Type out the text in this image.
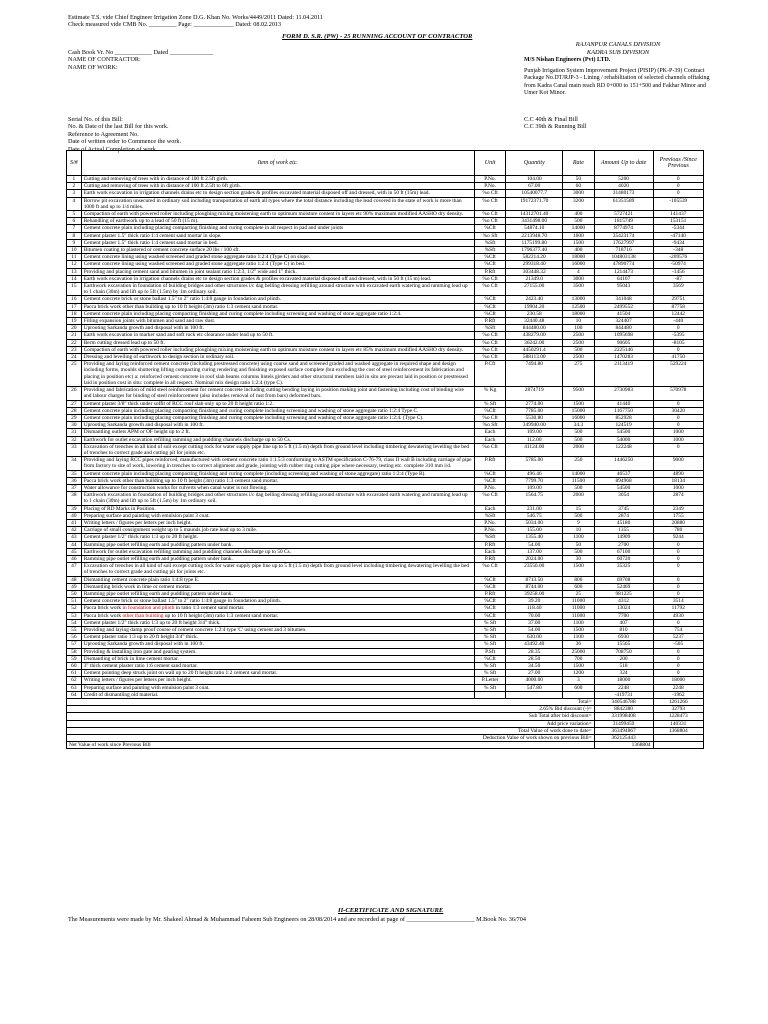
Estimate T.S. vide Chief Engineer Irrigation Zone D.G. Khan No. Works/4449/2011 Dated: 11.04.2011
Check measured vide CMB No. _________ Page: _____________ Dated: 08.02.2013
FORM D. S.R. (PW) - 25 RUNNING ACCOUNT OF CONTRACTOR
RAJANPUR CANALS DIVISION
KADRA SUB DIVISION
Cash Book Vr. No ____________ Dated ______________
NAME OF CONTRACTOR:
NAME OF WORK:
M/S Nishan Engineers (Pvt) LTD.
Punjab Irrigation System Improvement Project (PISIP) (PK-P-39) Contract Package No.DT/RJP-3 - Lining / rehabilitation of selected channels offtaking from Kadra Canal main reach RD 0+000 to 151+500 and Fakhar Minor and Umer Kot Minor.
Serial No. of this Bill:
No. & Date of the last Bill for this work.
Reference to Agreement No.
Date of written order to Commence the work.
Date of Actual Completion of work.
C.C 40th & Final Bill
C.C 39th & Running Bill
S/#	Item of work etc.	Unit	Quantity	Rate	Amount Up to date	Previous /Since Previous
1	Cutting and removing of trees with in distance of 100 ft 2.5ft girth.	P.No.	104.00	50	5200	0
2	Cutting and removing of trees with in distance of 100 ft 2.5ft to 6ft girth.	P.No.	67.00	60	4020	0
3	Earth work excavation in irrigation channels drains etc to design section grades & profiles excavated material disposed off and dressed, with in 50 ft (15m) lead.	%o Cft	10540077.7	3000	31480173	0
4	Borrow pit excavation unsecured in ordinary soil including transportation of earth all types where the total distance including the lead covered in the state of work is more than 1000 ft and up to 1/4 miles.	%o Cft	19172371.70	3200	61351589	-105539
5	Compaction of earth with powered roller including ploughing mixing moistening earth to optimum moisture content in layers etc 90% maximum modified AASHO dry density.	%o Cft	14312701.40	400	5727421	141437
6	Rehandling of earthwork up to a lead of 50 ft (15 m).	%o Cft	3431498.00	500	1815749	153151
7	Cement concrete plain including placing compacting finishing and curing complete in all respect in pad and under joints	%Cft	54874.10	14000	8774974	-5344
8	Cement plaster 1.5" thick ratio 1:4 cement sand mortar in slope.	%o Sft	2213948.70	1600	35423174	-47140
9	Cement plaster 1.5" thick ratio 1:4 cement sand mortar in bed.	%Sft	1175199.80	1500	17627997	-9434
10	Bitumen coating to plastered or cement concrete surface 20 lbs / 100 sft.	%Sft	1796377.40	400	718716	-348
11	Cement concrete lining using washed screened and graded stone aggregate ratio 1:2:4 (Type C) on slope.	%Cft	582214.20	18000	104803138	-209576
12	Cement concrete lining using washed screened and graded stone aggregate ratio 1:2:4 (Type C) in bed.	%Cft	299318.40	16000	47890774	-50974
13	Providing and placing cement sand and bitumen in joint sealant ratio 1:2:3, 1/2" wide and 1" thick.	P.Rft	303448.32	4	1214473	-1456
14	Earth work excavation in irrigation channels drains etc to design section grades & profiles excavated material disposed off and dressed, with in 50 ft (15 m) lead.	%o Cft	21349.0	3000	64107	-87
15	Earthwork excavation in foundation of building bridges and other structures i/c dag belling dressing refilling around structure with excavated earth watering and ramming lead up to 1 chain (30m) and lift up to 5ft (1.5m) by 1m ordinary soil.	%o Cft	27155.00	3500	95043	3569
16	Cement concrete brick or stone ballast 1.5" to 2" ratio 1:4:8 gauge in foundation and plinth.	%Cft	2423.40	13000	341048	29751
17	Pacca brick work other than building up to 10 ft height (3m) ratio 1:3 cement sand mortar.	%Cft	19904.20	12500	2499552	87758
18	Cement concrete plain including placing compacting finishing and curing complete including screening and washing of stone aggregate ratio 1:2:4.	%Cft	230.58	18000	41504	12442
19	Filling expansion joints with bitumen and sand and raw dust.	P.Rft	32440.48	10	324407	-440
20	Uprooting Sarkanda growth and disposal with in 100 ft.	%Sft	844480.00	100	844480	0
21	Earth work excavation in marker sand and soft rock etc clearance under lead up to 50 ft.	%o Cft	438279.00	2500	1095698	-5395
22	Berm cutting dressed lead up to 50 ft.	%o Cft	36242.00	2500	90605	-8105
23	Compaction of earth with powered roller including ploughing mixing moistening earth to optimum moisture content in layers etc 85% maximum modified AASHO dry density.	%o Cft	4450291.4	500	2225146	0
24	Dressing and levelling of earthwork to design section in ordinary soil.	%o Cft	588113.00	2500	1470283	41750
25	Providing and laying reinforced cement concrete (including prestressed concrete) using coarse sand and screened graded and washed aggregate in required shape and design including forms, moulds shuttering lifting compacting curing rendering and finishing exposed surface complete (but excluding the cost of steel reinforcement its fabrication and placing in position etc) a: reinforced cement concrete in roof slab beams columns lintels girders and other structural members laid in situ are precast laid in position or prestressed laid in position cost in situ: complete in all respect. Nominal mix design ratio 1:2:4 (type C).	P.Cft	7494.80	275	2113419	529224
26	Providing and fabrication of mild steel reinforcement for cement concrete including cutting bending laying in position making joint and fastening including cost of binding wire and labour charges for binding of steel reinforcement (also includes removal of rust from bars) deformed bars.	% Kg	2874719	9500	2730983	570978
27	Cement plaster 3/8" thick under soffit of RCC roof slab only up to 20 ft height ratio 1:2.	% Sft	2774.00	1500	41440	0
28	Cement concrete plain including placing compacting finishing and curing complete including screening and washing of stone aggregate ratio 1:2:4 Type C.	%Cft	7785.00	15000	1167750	30420
29	Cement concrete plain including placing compacting finishing and curing complete including screening and washing of stone aggregate ratio 1:2:4. (Type C).	%o Cft	5530.80	16000	852928	0
30	Uprooting Sarkanda growth and disposal with in 100 ft.	%o Sft	349940.00	34.3	124519	0
31	Dismantling outlets APM or OF height up to 2 ft.	Each	109.00	500	54500	1000
32	Earthwork for outlet excavation refilling ramming and puddling channels discharge up to 50 Cs.	Each	112.00	500	54000	1000
33	Excavation of trenches in all kind of soil except cutting rock for water supply pipe line up to 5 ft (1.5 m) depth from ground level including timbering dewatering levelling the bed of trenches to correct grade and cutting pit for joints etc.	%o Cft	41124.00	2000	122248	0
34	Providing and laying RCC pipes reinforced, manufactured with cement concrete ratio 1:1.5:3 conforming to ASTM specification C-76-79, class II wall B including carriage of pipe from factory to site of work, lowering in trenches to correct alignment and grade, jointing with rubber ring cutting pipe where necessary, testing etc. complete 310 mm i/d.	P.Rft	5785.00	250	1446250	9000
35	Cement concrete plain including placing compacting finishing and curing complete (including screening and washing of stone aggregate) ratio 1:2:4 (Type B).	%Cft	496.46	14000	46537	4890
36	Pacca brick work other than building up to 10 ft height (3m) ratio 1:3 cement sand mortar.	%Cft	7799.70	11500	894968	18134
37	Water allowance for construction works for culverts when canal water is not flowing.	P.No.	109.00	500	54500	1000
38	Earthwork excavation in foundation of building bridges and other structures i/c dag belling dressing refilling around structure with excavated earth watering and ramming lead up to 1 chain (30m) and lift up to 5ft (1.5m) by 1m ordinary soil.	%o Cft	1564.75	2000	3054	2874
39	Placing of RD Marks in Position.	Each	231.00	15	3745	2349
40	Preparing surface and painting with emulsion paint 3 coat.	%Sft	546.75	500	2874	1755
41	Writing letters / figures per letters per inch height.	P.No.	5034.00	9	45180	20880
42	Carriage of small consignment weight up to 5 maunds job rate lead up to 3 mile.	P.No.	155.00	10	1355	780
43	Cement plaster 1/2" thick ratio 1:3 up to 20 ft height.	%Sft	1355.40	1100	14909	9244
44	Ramming pipe outlet refilling earth and puddling pattern under bank.	P.Rft	54.00	50	2700	0
45	Earthwork for outlet excavation refilling ramming and puddling channels discharge up to 50 Cs.	Each	137.00	500	67100	0
46	Ramming pipe outlet refilling earth and puddling pattern under bank.	P.Rft	2024.00	30	60720	0
47	Excavation of trenches in all kind of soil except cutting rock for water supply pipe line up to 5 ft (1.5 m) depth from ground level including timbering dewatering levelling the bed of trenches to correct grade and cutting pit for joints etc.	%o Cft	23550.00	1500	35325	0
48	Dismantling cement concrete plain ratio 1:4:8 type E.	%Cft	8713.50	800	69708	0
49	Dismantling brick work in lime or cement mortar.	%Cft	8744.00	600	52469	0
50	Ramming pipe outlet refilling earth and puddling pattern under bank.	P.Rft	39258.00	25	981225	0
51	Cement concrete brick or stone ballast 1.5" to 2" ratio 1:4:8 gauge in foundation and plinth.	%Cft	39.20	11000	4312	3514
52	Pacca brick work in foundation and plinth in ratio 1:3 cement sand mortar.	%Cft	118.40	11000	13024	11792
53	Pacca brick work other than building up to 10 ft height (3m) ratio 1:3 cement sand mortar.	%Cft	70.00	11000	7700	4930
54	Cement plaster 1/2" thick ratio 1:3 up to 20 ft height 3/4" thick.	% Sft	37.00	1100	407	0
55	Providing and laying damp proof course of cement concrete 1:2:4 type 'C' using cement and 3 bitumen.	% Sft	54.00	1500	810	754
56	Cement plaster ratio 1:3 up to 20 ft height 3/4" thick.	% Sft	630.00	1100	6930	5237
57	Uprooting Sarkanda growth and disposal with in 100 ft.	% Sft	43492.40	36	15565	-505
58	Providing & installing iron gate and gearing system.	P.Sft	28.35	25000	708750	0
59	Dismantling of brick in lime cement mortar.	%Cft	28.50	700	200	0
60	3" thick cement plaster ratio 1:6 cement sand mortar.	% Sft	34.50	1500	518	0
61	Cement pointing deep struck joint on wall up to 20 ft height ratio 1:2 cement sand mortar.	% Sft	27.00	1200	324	0
62	Writing letters / figures per letters per inch height.	P.Letter	4000.00	3	18000	18000
63	Preparing surface and painting with emulsion paint 3 coat.	% Sft	547.80	600	2248	2248
64	Credit of dismantling old material.				-419731	-1962
Total=					340546788	1261266
2.65% Bid discount (-)=					8842380	32793
Sub Total after bid discount=					331998408	1228473
Add price variation=					31499459	140331
Total Value of work done to date=					363494867	1368804
Deduction Value of work shown on previous Bill=					362125443	
Net Value of work since Previous Bill					1368804	
II-CERTIFICATE AND SIGNATURE
The Measurements were made by Mr. Shakeel Ahmad & Muhammad Faheem Sub Engineers on 28/08/2014 and are recorded at page of ______________________ M.Book No. 36/704
